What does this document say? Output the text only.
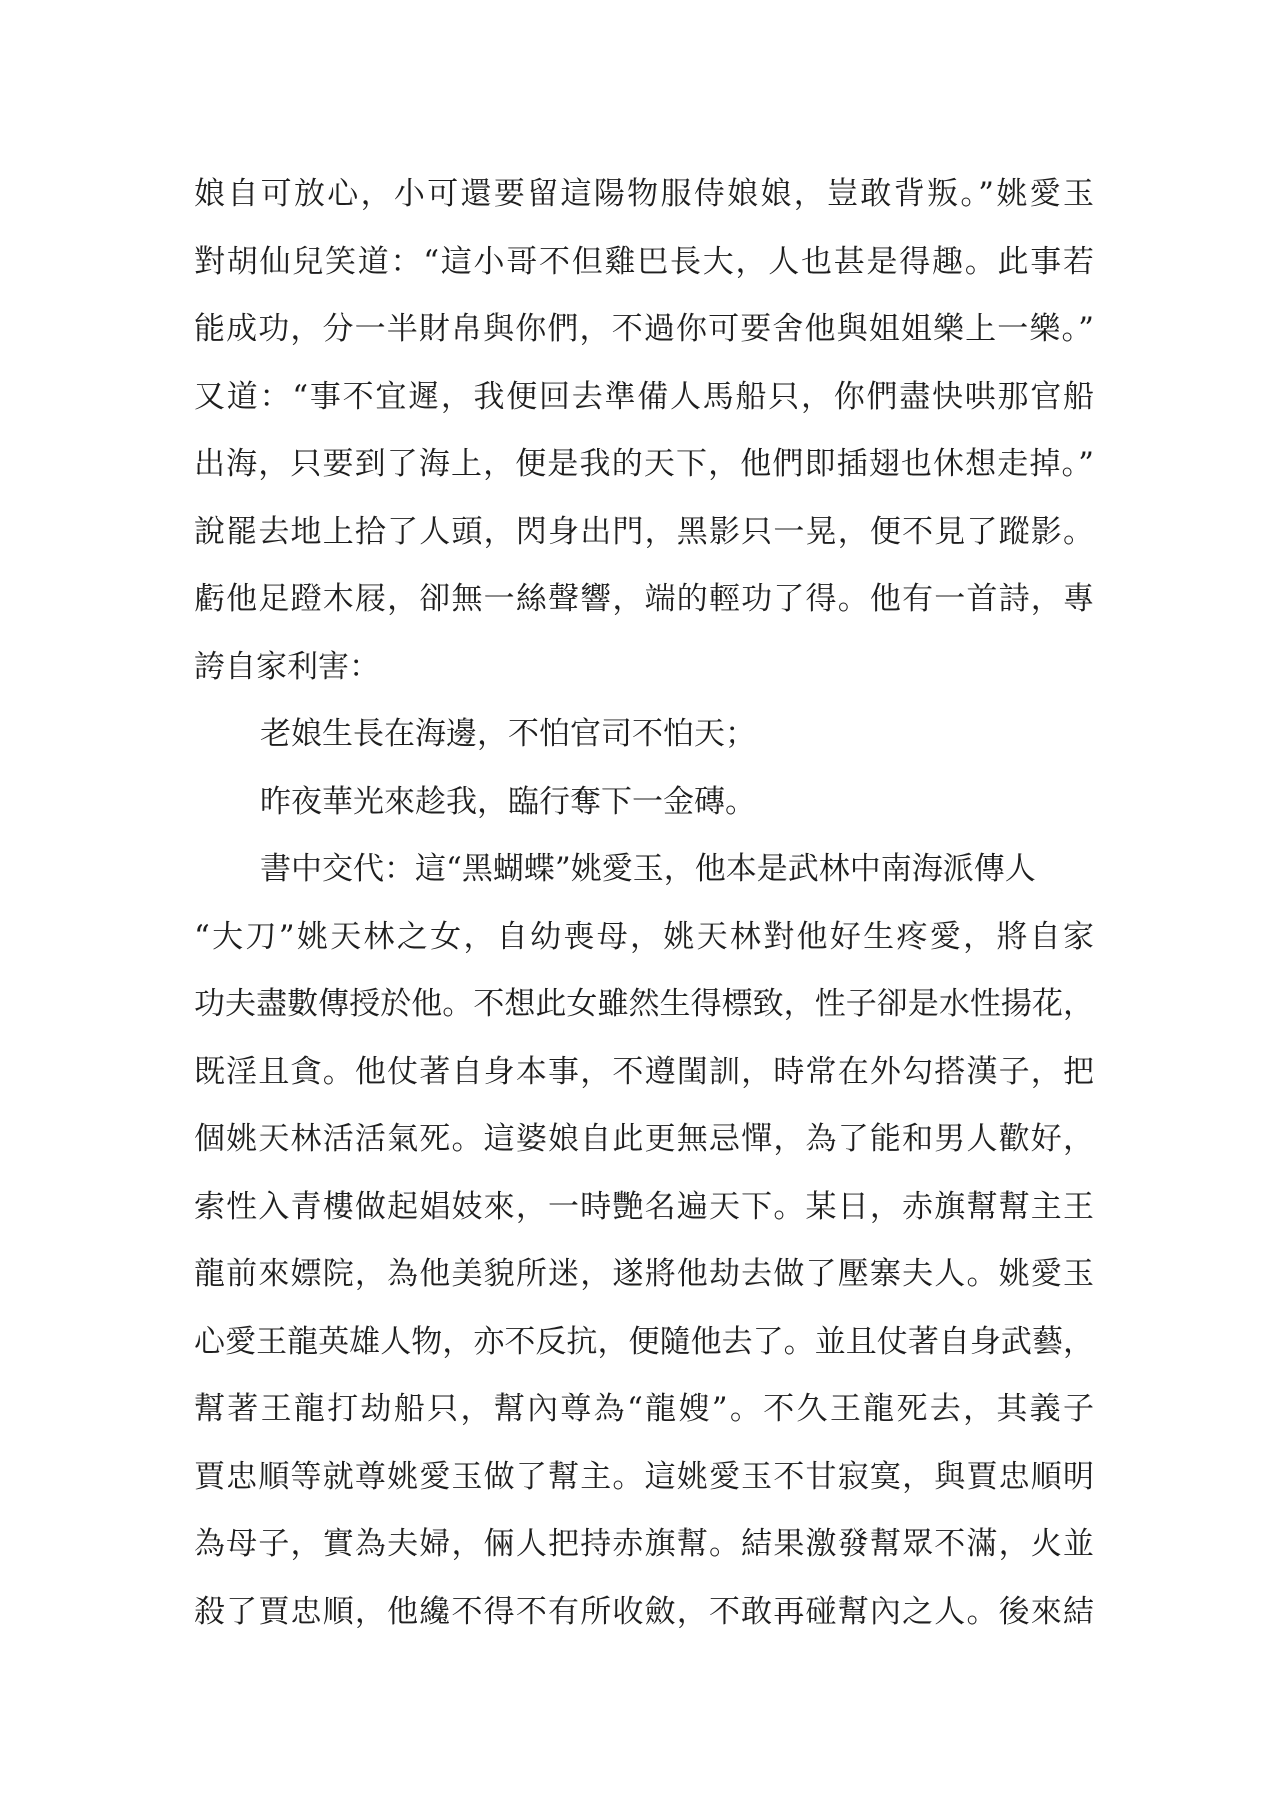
娘自可放心，小可還要留這陽物服侍娘娘，豈敢背叛。”姚愛玉
對胡仙兒笑道：“這小哥不但雞巴長大，人也甚是得趣。此事若
能成功，分一半財帛與你們，不過你可要舍他與姐姐樂上一樂。”
又道：“事不宜遲，我便回去準備人馬船只，你們盡快哄那官船
出海，只要到了海上，便是我的天下，他們即插翅也休想走掉。”
說罷去地上拾了人頭，閃身出門，黑影只一晃，便不見了蹤影。
虧他足蹬木屐，卻無一絲聲響，端的輕功了得。他有一首詩，專
誇自家利害：
老娘生長在海邊，不怕官司不怕天；
昨夜華光來趁我，臨行奪下一金磚。
書中交代：這“黑蝴蝶”姚愛玉，他本是武林中南海派傳人
“大刀”姚天林之女，自幼喪母，姚天林對他好生疼愛，將自家
功夫盡數傳授於他。不想此女雖然生得標致，性子卻是水性揚花，
既淫且貪。他仗著自身本事，不遵閨訓，時常在外勾搭漢子，把
個姚天林活活氣死。這婆娘自此更無忌憚，為了能和男人歡好，
索性入青樓做起娼妓來，一時艷名遍天下。某日，赤旗幫幫主王
龍前來嫖院，為他美貌所迷，遂將他劫去做了壓寨夫人。姚愛玉
心愛王龍英雄人物，亦不反抗，便隨他去了。並且仗著自身武藝，
幫著王龍打劫船只，幫內尊為“龍嫂”。不久王龍死去，其義子
賈忠順等就尊姚愛玉做了幫主。這姚愛玉不甘寂寞，與賈忠順明
為母子，實為夫婦，倆人把持赤旗幫。結果激發幫眾不滿，火並
殺了賈忠順，他纔不得不有所收斂，不敢再碰幫內之人。後來結
